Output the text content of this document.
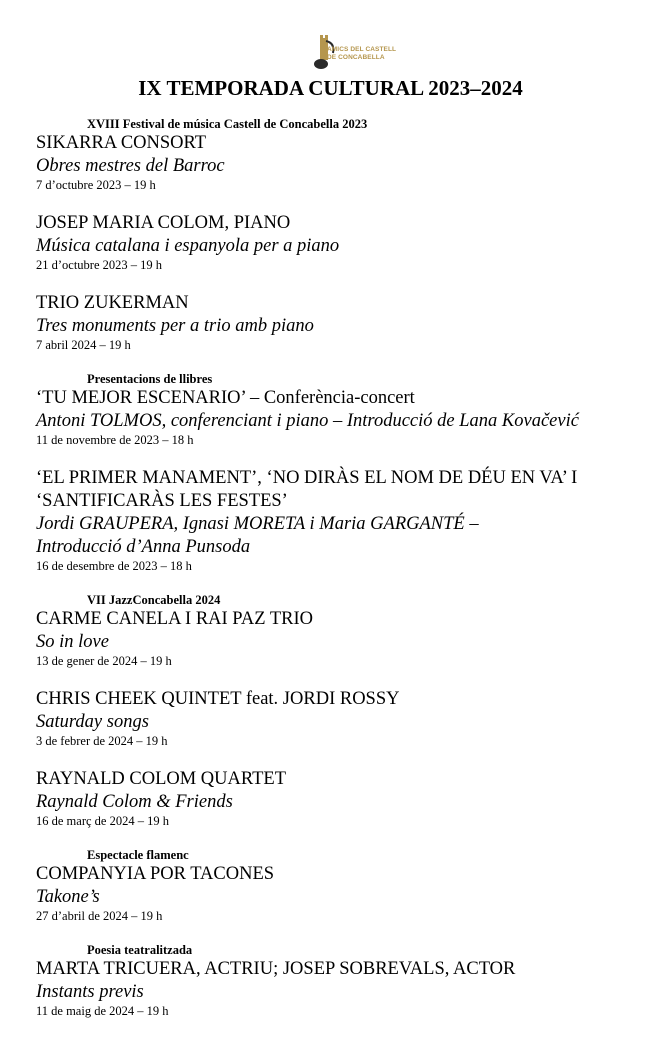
AMICS DEL CASTELL
DE CONCABELLA
IX TEMPORADA CULTURAL 2023–2024
XVIII Festival de música Castell de Concabella 2023
SIKARRA CONSORT
Obres mestres del Barroc
7 d’octubre 2023 – 19 h
JOSEP MARIA COLOM, PIANO
Música catalana i espanyola per a piano
21 d’octubre 2023 – 19 h
TRIO ZUKERMAN
Tres monuments per a trio amb piano
7 abril 2024 – 19 h
Presentacions de llibres
‘TU MEJOR ESCENARIO’ – Conferència-concert
Antoni TOLMOS, conferenciant i piano – Introducció de Lana Kovačević
11 de novembre de 2023 – 18 h
‘EL PRIMER MANAMENT’, ‘NO DIRÀS EL NOM DE DÉU EN VA’ I ‘SANTIFICARÀS LES FESTES’
Jordi GRAUPERA, Ignasi MORETA i Maria GARGANTÉ –
Introducció d’Anna Punsoda
16 de desembre de 2023 – 18 h
VII JazzConcabella 2024
CARME CANELA I RAI PAZ TRIO
So in love
13 de gener de 2024 – 19 h
CHRIS CHEEK QUINTET feat. JORDI ROSSY
Saturday songs
3 de febrer de 2024 – 19 h
RAYNALD COLOM QUARTET
Raynald Colom & Friends
16 de març de 2024 – 19 h
Espectacle flamenc
COMPANYIA POR TACONES
Takone’s
27 d’abril de 2024 – 19 h
Poesia teatralitzada
MARTA TRICUERA, ACTRIU; JOSEP SOBREVALS, ACTOR
Instants previs
11 de maig de 2024 – 19 h
